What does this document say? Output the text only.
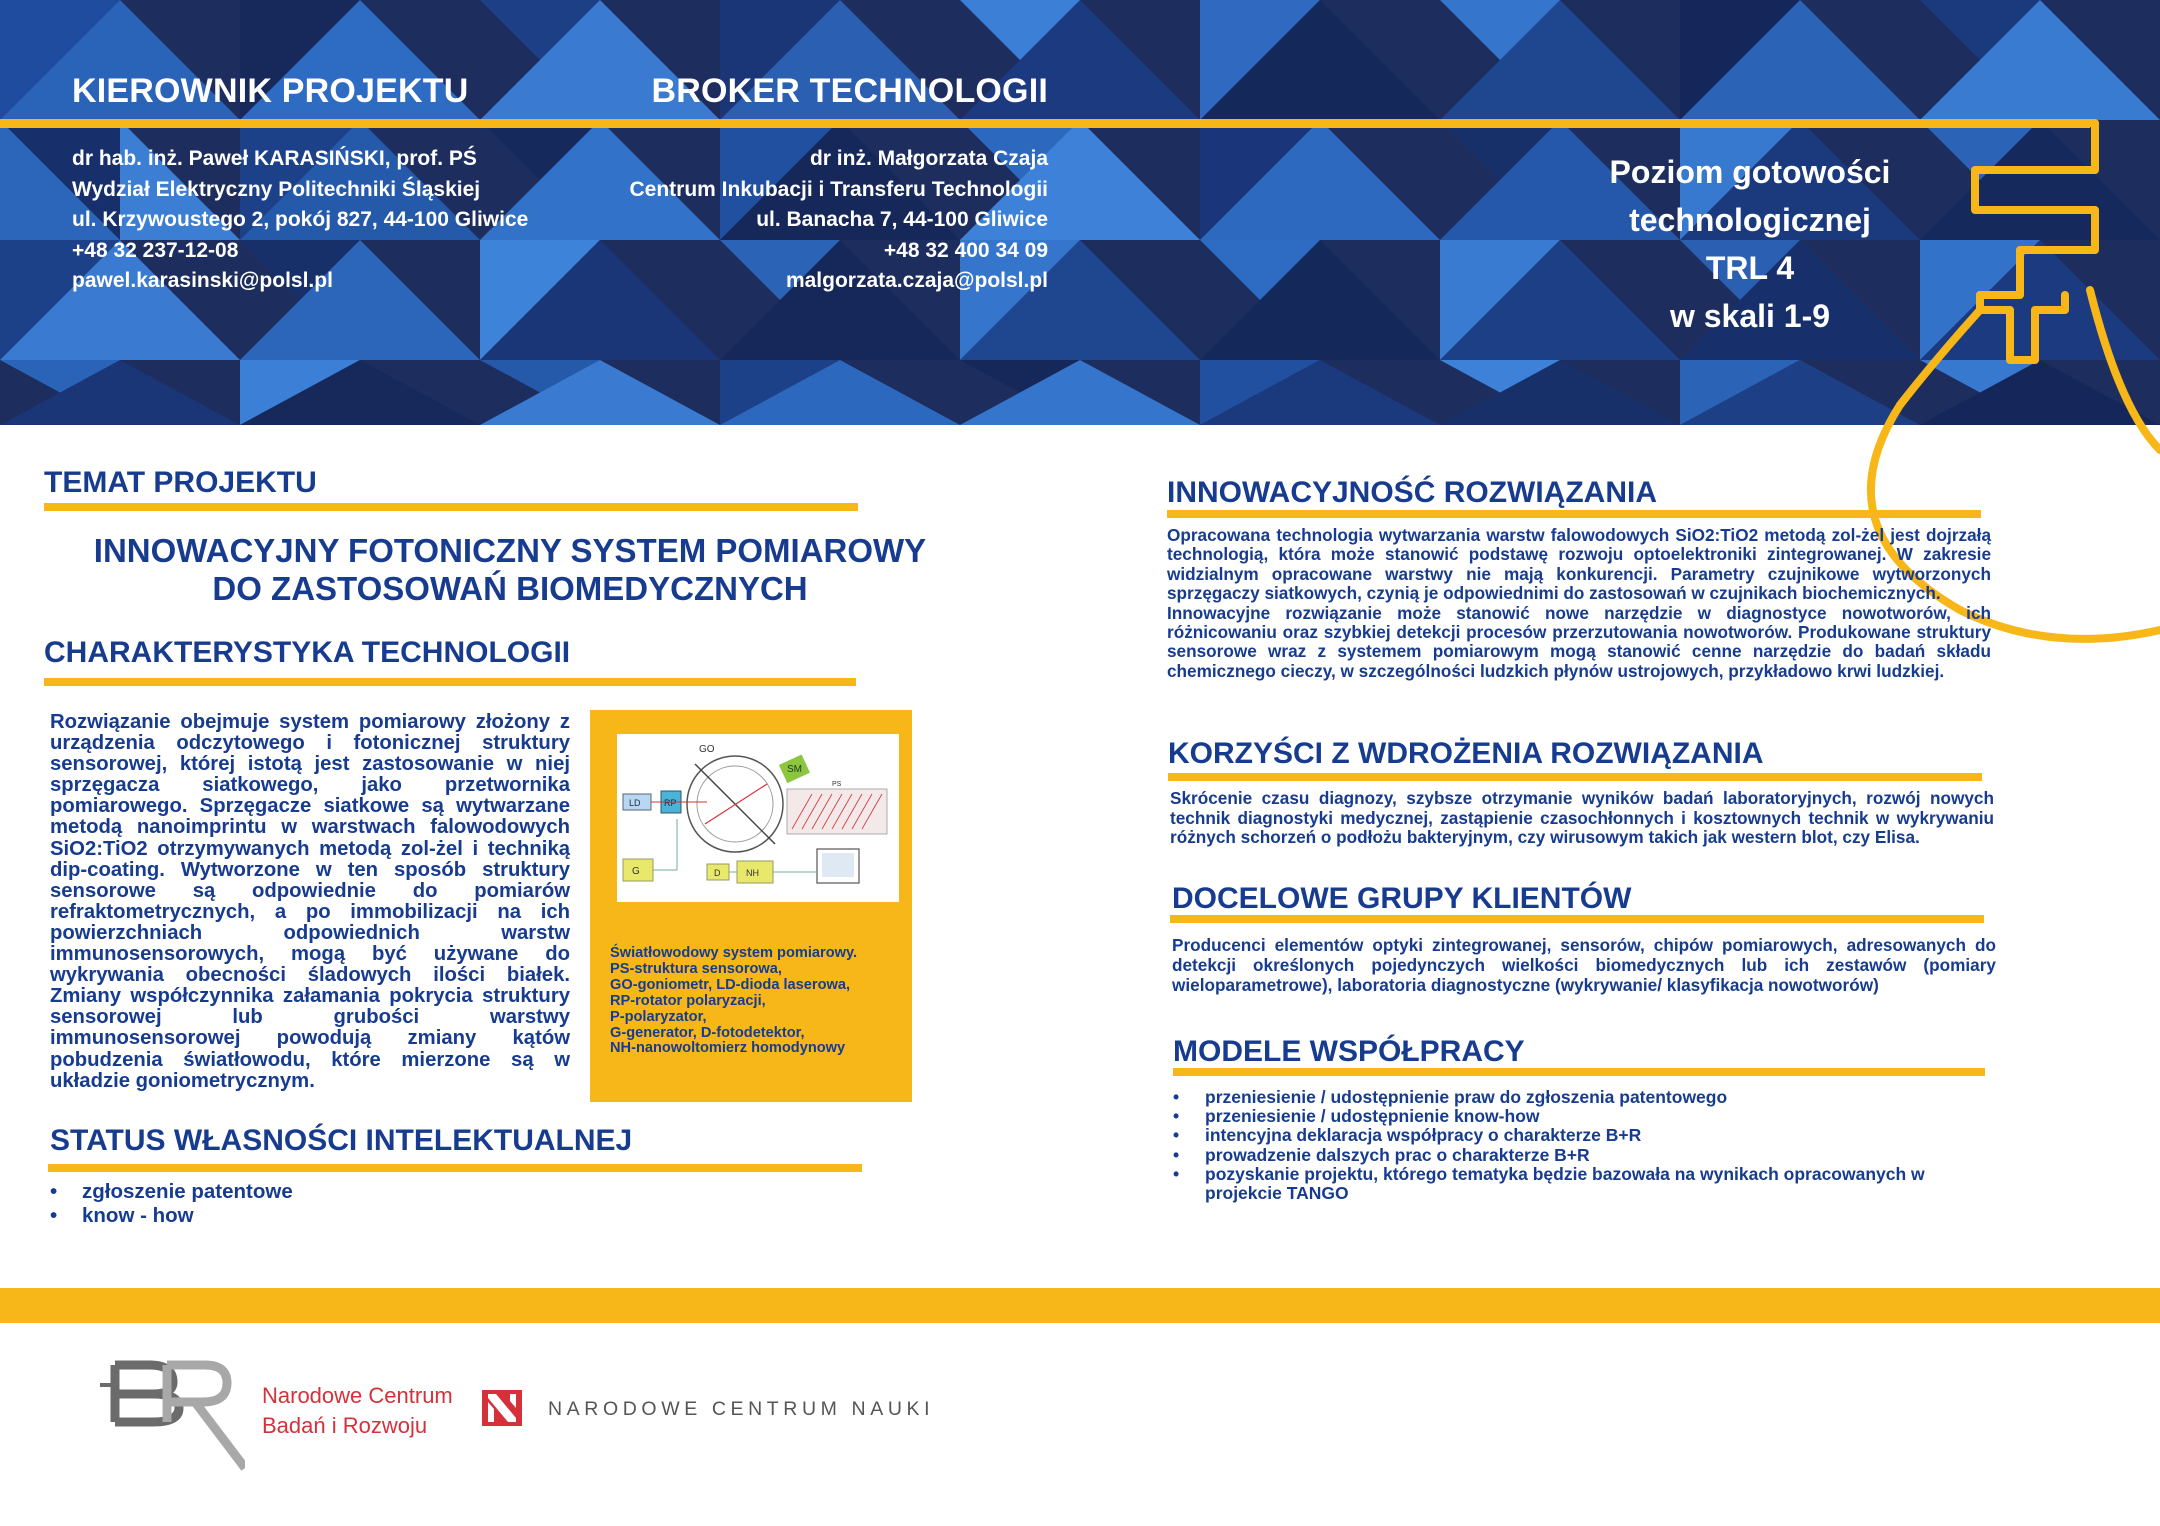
KIEROWNIK PROJEKTU
dr hab. inż. Paweł KARASIŃSKI, prof. PŚ
Wydział Elektryczny Politechniki Śląskiej
ul. Krzywoustego 2, pokój 827, 44-100 Gliwice
+48 32 237-12-08
pawel.karasinski@polsl.pl
BROKER TECHNOLOGII
dr inż. Małgorzata Czaja
Centrum Inkubacji i Transferu Technologii
ul. Banacha 7, 44-100 Gliwice
+48 32 400 34 09
malgorzata.czaja@polsl.pl
Poziom gotowości
technologicznej
TRL 4
w skali 1-9
TEMAT PROJEKTU
INNOWACYJNY FOTONICZNY SYSTEM POMIAROWY
DO ZASTOSOWAŃ BIOMEDYCZNYCH
CHARAKTERYSTYKA TECHNOLOGII

Rozwiązanie obejmuje system pomiarowy złożony z urządzenia odczytowego i fotonicznej struktury sensorowej, której istotą jest zastosowanie w niej sprzęgacza siatkowego, jako przetwornika pomiarowego. Sprzęgacze siatkowe są wytwarzane metodą nanoimprintu w warstwach falowodowych SiO2:TiO2 otrzymywanych metodą zol-żel i techniką dip-coating. Wytworzone w ten sposób struktury sensorowe są odpowiednie do pomiarów refraktometrycznych, a po immobilizacji na ich powierzchniach odpowiednich warstw immunosensorowych, mogą być używane do wykrywania obecności śladowych ilości białek. Zmiany współczynnika załamania pokrycia struktury sensorowej lub grubości warstwy immunosensorowej powodują zmiany kątów pobudzenia światłowodu, które mierzone są w układzie goniometrycznym.

SM
GO
LD	RP
PS
G	D	NH
Światłowodowy system pomiarowy.
PS-struktura sensorowa,
GO-goniometr, LD-dioda laserowa,
RP-rotator polaryzacji,
P-polaryzator,
G-generator, D-fotodetektor,
NH-nanowoltomierz homodynowy
STATUS WŁASNOŚCI INTELEKTUALNEJ
• zgłoszenie patentowe
• know - how
INNOWACYJNOŚĆ ROZWIĄZANIA

Opracowana technologia wytwarzania warstw falowodowych SiO2:TiO2 metodą zol-żel jest dojrzałą technologią, która może stanowić podstawę rozwoju optoelektroniki zintegrowanej. W zakresie widzialnym opracowane warstwy nie mają konkurencji. Parametry czujnikowe wytworzonych sprzęgaczy siatkowych, czynią je odpowiednimi do zastosowań w czujnikach biochemicznych.

Innowacyjne rozwiązanie może stanowić nowe narzędzie w diagnostyce nowotworów, ich różnicowaniu oraz szybkiej detekcji procesów przerzutowania nowotworów. Produkowane struktury sensorowe wraz z systemem pomiarowym mogą stanowić cenne narzędzie do badań składu chemicznego cieczy, w szczególności ludzkich płynów ustrojowych, przykładowo krwi ludzkiej.

KORZYŚCI Z WDROŻENIA ROZWIĄZANIA

Skrócenie czasu diagnozy, szybsze otrzymanie wyników badań laboratoryjnych, rozwój nowych technik diagnostyki medycznej, zastąpienie czasochłonnych i kosztownych technik w wykrywaniu różnych schorzeń o podłożu bakteryjnym, czy wirusowym takich jak western blot, czy Elisa.

DOCELOWE GRUPY KLIENTÓW

Producenci elementów optyki zintegrowanej, sensorów, chipów pomiarowych, adresowanych do detekcji określonych pojedynczych wielkości biomedycznych lub ich zestawów (pomiary wieloparametrowe), laboratoria diagnostyczne (wykrywanie/ klasyfikacja nowotworów)

MODELE WSPÓŁPRACY
• przeniesienie / udostępnienie praw do zgłoszenia patentowego
• przeniesienie / udostępnienie know-how
• intencyjna deklaracja współpracy o charakterze B+R
• prowadzenie dalszych prac o charakterze B+R
• pozyskanie projektu, którego tematyka będzie bazowała na wynikach opracowanych w projekcie TANGO
Narodowe Centrum
Badań i Rozwoju
NARODOWE CENTRUM NAUKI
